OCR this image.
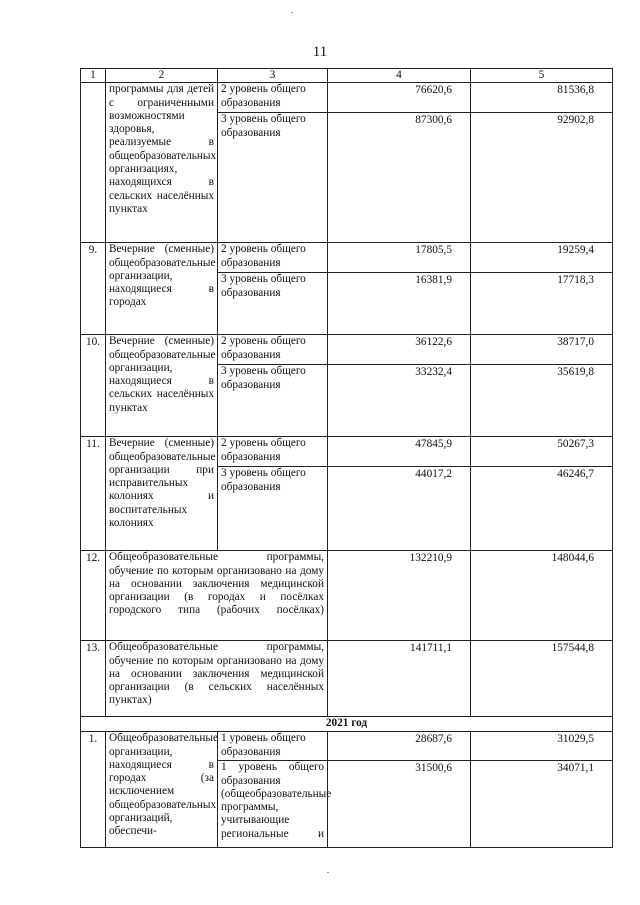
11
1	2	3	4	5
	программы для детей с ограниченными возможностями здоровья, реализуемые в общеобразовательных организациях, находящихся в сельских населённых пунктах	2 уровень общего образования	76620,6	81536,8
		3 уровень общего образования	87300,6	92902,8
9.	Вечерние (сменные) общеобразовательные организации, находящиеся в городах	2 уровень общего образования	17805,5	19259,4
		3 уровень общего образования	16381,9	17718,3
10.	Вечерние (сменные) общеобразовательные организации, находящиеся в сельских населённых пунктах	2 уровень общего образования	36122,6	38717,0
		3 уровень общего образования	33232,4	35619,8
11.	Вечерние (сменные) общеобразовательные организации при исправительных колониях и воспитательных колониях	2 уровень общего образования	47845,9	50267,3
		3 уровень общего образования	44017,2	46246,7
12.	Общеобразовательные программы, обучение по которым организовано на дому на основании заключения медицинской организации (в городах и посёлках городского типа (рабочих посёлках)		132210,9	148044,6
13.	Общеобразовательные программы, обучение по которым организовано на дому на основании заключения медицинской организации (в сельских населённых пунктах)		141711,1	157544,8
2021 год				
1.	Общеобразовательные организации, находящиеся в городах (за исключением общеобразовательных организаций, обеспечи-	1 уровень общего образования	28687,6	31029,5
		1 уровень общего образования (общеобразовательные программы, учитывающие региональные и	31500,6	34071,1
